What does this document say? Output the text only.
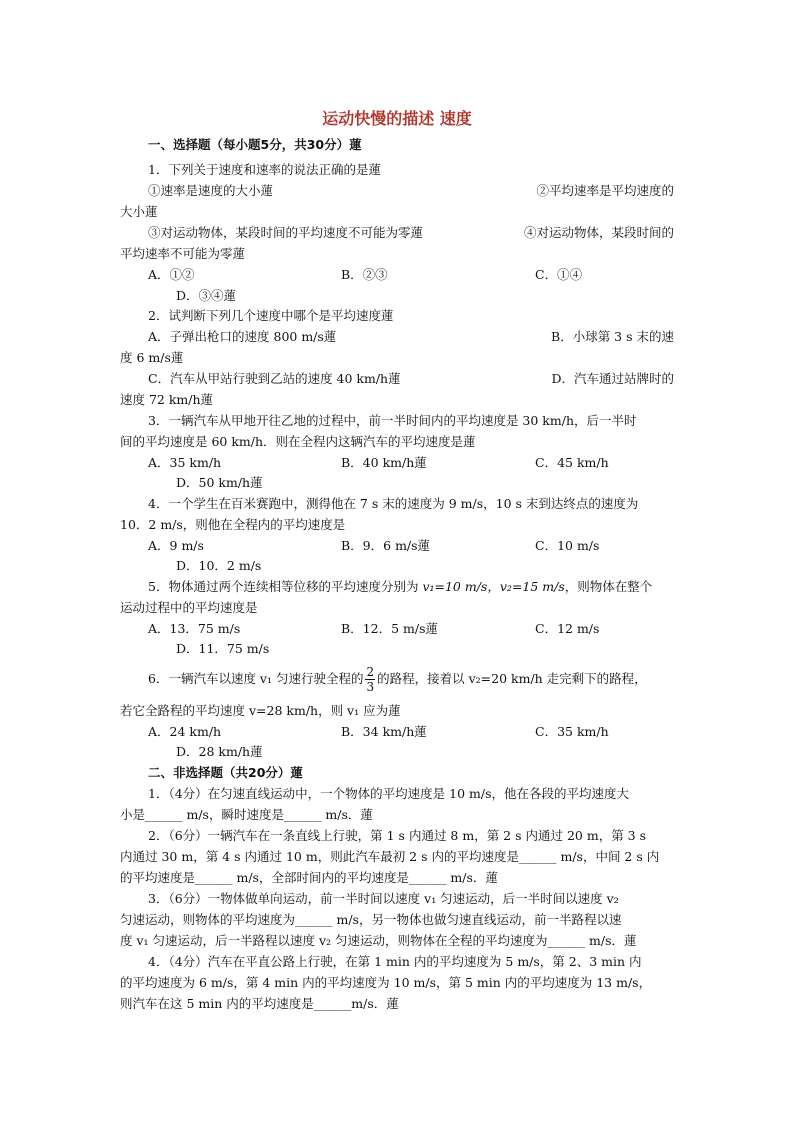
运动快慢的描述 速度
一、选择题（每小题5分，共30分）蓮
1．下列关于速度和速率的说法正确的是蓮
①速率是速度的大小蓮	②平均速率是平均速度的
大小蓮
③对运动物体，某段时间的平均速度不可能为零蓮	④对运动物体，某段时间的
平均速率不可能为零蓮
A．①②	B．②③	C．①④
D．③④蓮
2．试判断下列几个速度中哪个是平均速度蓮
A．子弹出枪口的速度 800 m/s蓮	B．小球第 3 s 末的速
度 6 m/s蓮
C．汽车从甲站行驶到乙站的速度 40 km/h蓮	D．汽车通过站牌时的
速度 72 km/h蓮
3．一辆汽车从甲地开往乙地的过程中，前一半时间内的平均速度是 30 km/h，后一半时
间的平均速度是 60 km/h．则在全程内这辆汽车的平均速度是蓮
A．35 km/h	B．40 km/h蓮	C．45 km/h
D．50 km/h蓮
4．一个学生在百米赛跑中，测得他在 7 s 末的速度为 9 m/s，10 s 末到达终点的速度为
10．2 m/s，则他在全程内的平均速度是
A．9 m/s	B．9．6 m/s蓮	C．10 m/s
D．10．2 m/s
5．物体通过两个连续相等位移的平均速度分别为 v₁=10 m/s，v₂=15 m/s，则物体在整个
运动过程中的平均速度是
A．13．75 m/s	B．12．5 m/s蓮	C．12 m/s
D．11．75 m/s
6．一辆汽车以速度 v₁ 匀速行驶全程的 $\frac{2}{3}$ 的路程，接着以 v₂=20 km/h 走完剩下的路程，
若它全路程的平均速度 v=28 km/h，则 v₁ 应为蓮
A．24 km/h	B．34 km/h蓮	C．35 km/h
D．28 km/h蓮
二、非选择题（共20分）蓮
1．（4分）在匀速直线运动中，一个物体的平均速度是 10 m/s，他在各段的平均速度大
小是______ m/s，瞬时速度是______ m/s．蓮
2．（6分）一辆汽车在一条直线上行驶，第 1 s 内通过 8 m，第 2 s 内通过 20 m，第 3 s
内通过 30 m，第 4 s 内通过 10 m，则此汽车最初 2 s 内的平均速度是______ m/s，中间 2 s 内
的平均速度是______ m/s，全部时间内的平均速度是______ m/s．蓮
3．（6分）一物体做单向运动，前一半时间以速度 v₁ 匀速运动，后一半时间以速度 v₂
匀速运动，则物体的平均速度为______ m/s，另一物体也做匀速直线运动，前一半路程以速
度 v₁ 匀速运动，后一半路程以速度 v₂ 匀速运动，则物体在全程的平均速度为______ m/s．蓮
4．（4分）汽车在平直公路上行驶，在第 1 min 内的平均速度为 5 m/s，第 2、3 min 内
的平均速度为 6 m/s，第 4 min 内的平均速度为 10 m/s，第 5 min 内的平均速度为 13 m/s，
则汽车在这 5 min 内的平均速度是______m/s．蓮
